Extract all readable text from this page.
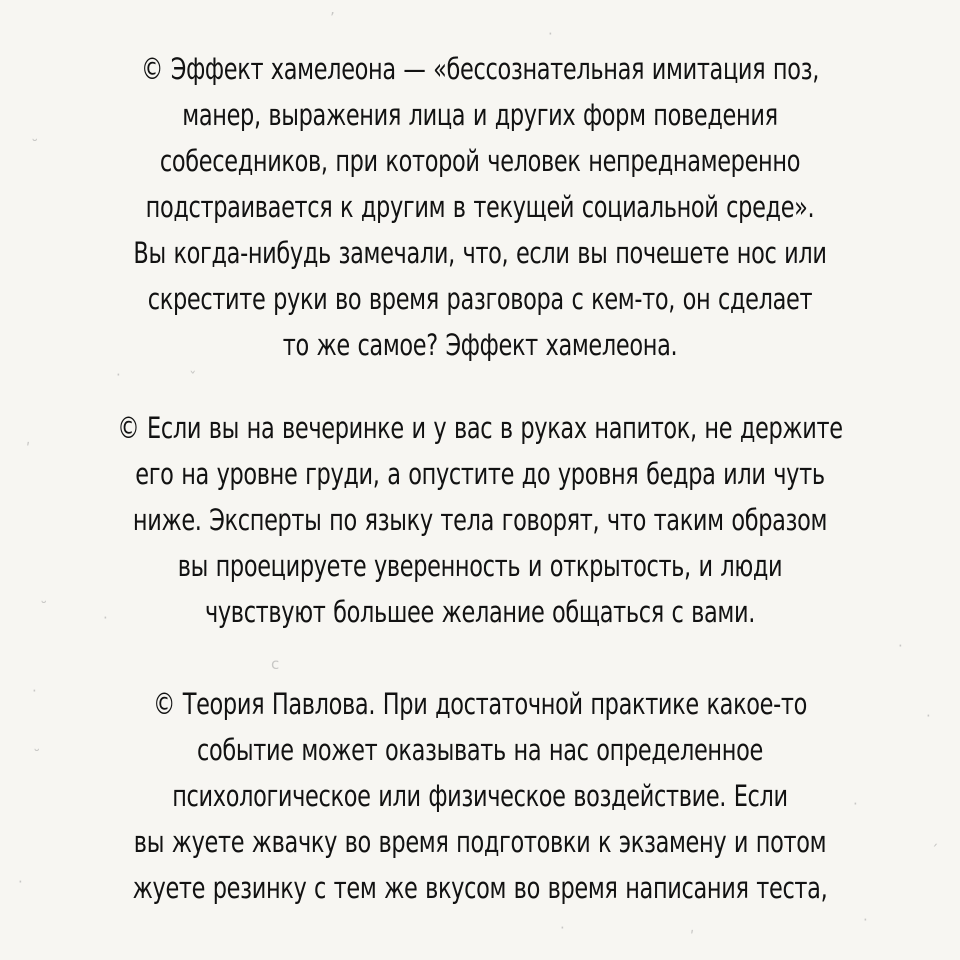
ʼ
·
˘
·	ˇ
ʹ
˘
·
c
·
·
·
˘
·
·
ˊ
·	ʹ
·
© Эффект хамелеона — «бессознательная имитация поз,
манер, выражения лица и других форм поведения
собеседников, при которой человек непреднамеренно
подстраивается к другим в текущей социальной среде».
Вы когда-нибудь замечали, что, если вы почешете нос или
скрестите руки во время разговора с кем-то, он сделает
то же самое? Эффект хамелеона.
© Если вы на вечеринке и у вас в руках напиток, не держите
его на уровне груди, а опустите до уровня бедра или чуть
ниже. Эксперты по языку тела говорят, что таким образом
вы проецируете уверенность и открытость, и люди
чувствуют большее желание общаться с вами.
© Теория Павлова. При достаточной практике какое-то
событие может оказывать на нас определенное
психологическое или физическое воздействие. Если
вы жуете жвачку во время подготовки к экзамену и потом
жуете резинку с тем же вкусом во время написания теста,
